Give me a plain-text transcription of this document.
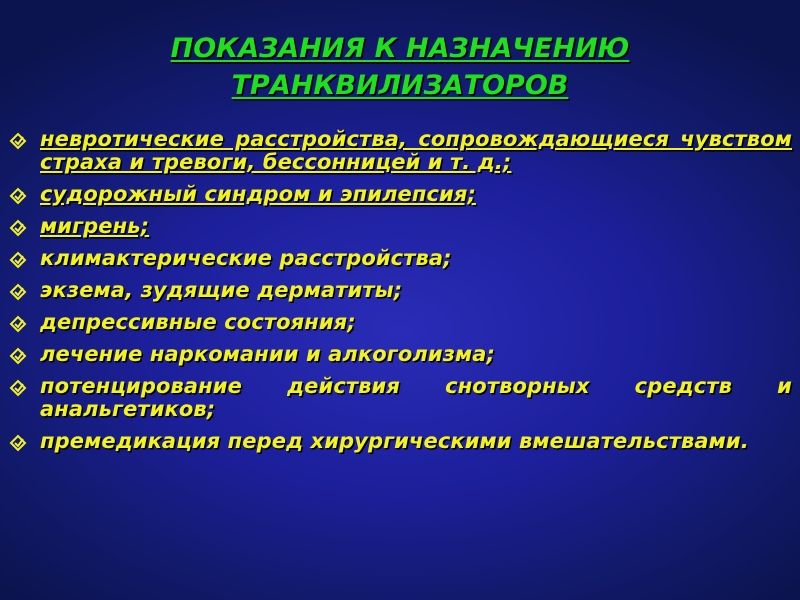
ПОКАЗАНИЯ К НАЗНАЧЕНИЮ
ТРАНКВИЛИЗАТОРОВ
невротические расстройства, сопровождающиеся чувством страха и тревоги, бессонницей и т. д.;
судорожный синдром и эпилепсия;
мигрень;
климактерические расстройства;
экзема, зудящие дерматиты;
депрессивные состояния;
лечение наркомании и алкоголизма;
потенцирование действия снотворных средств и анальгетиков;
премедикация перед хирургическими вмешательствами.
